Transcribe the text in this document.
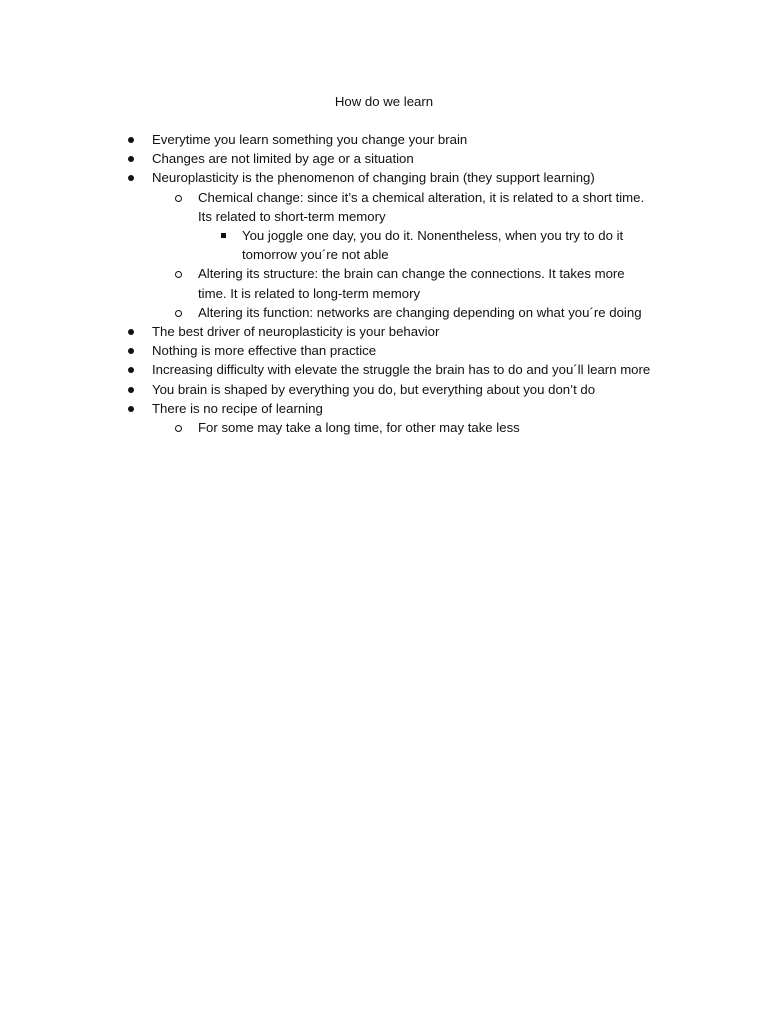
How do we learn
Everytime you learn something you change your brain
Changes are not limited by age or a situation
Neuroplasticity is the phenomenon of changing brain (they support learning)
Chemical change: since it’s a chemical alteration, it is related to a short time. Its related to short-term memory
You joggle one day, you do it. Nonentheless, when you try to do it tomorrow you´re not able
Altering its structure: the brain can change the connections. It takes more time. It is related to long-term memory
Altering its function: networks are changing depending on what you´re doing
The best driver of neuroplasticity is your behavior
Nothing is more effective than practice
Increasing difficulty with elevate the struggle the brain has to do and you´ll learn more
You brain is shaped by everything you do, but everything about you don’t do
There is no recipe of learning
For some may take a long time, for other may take less
